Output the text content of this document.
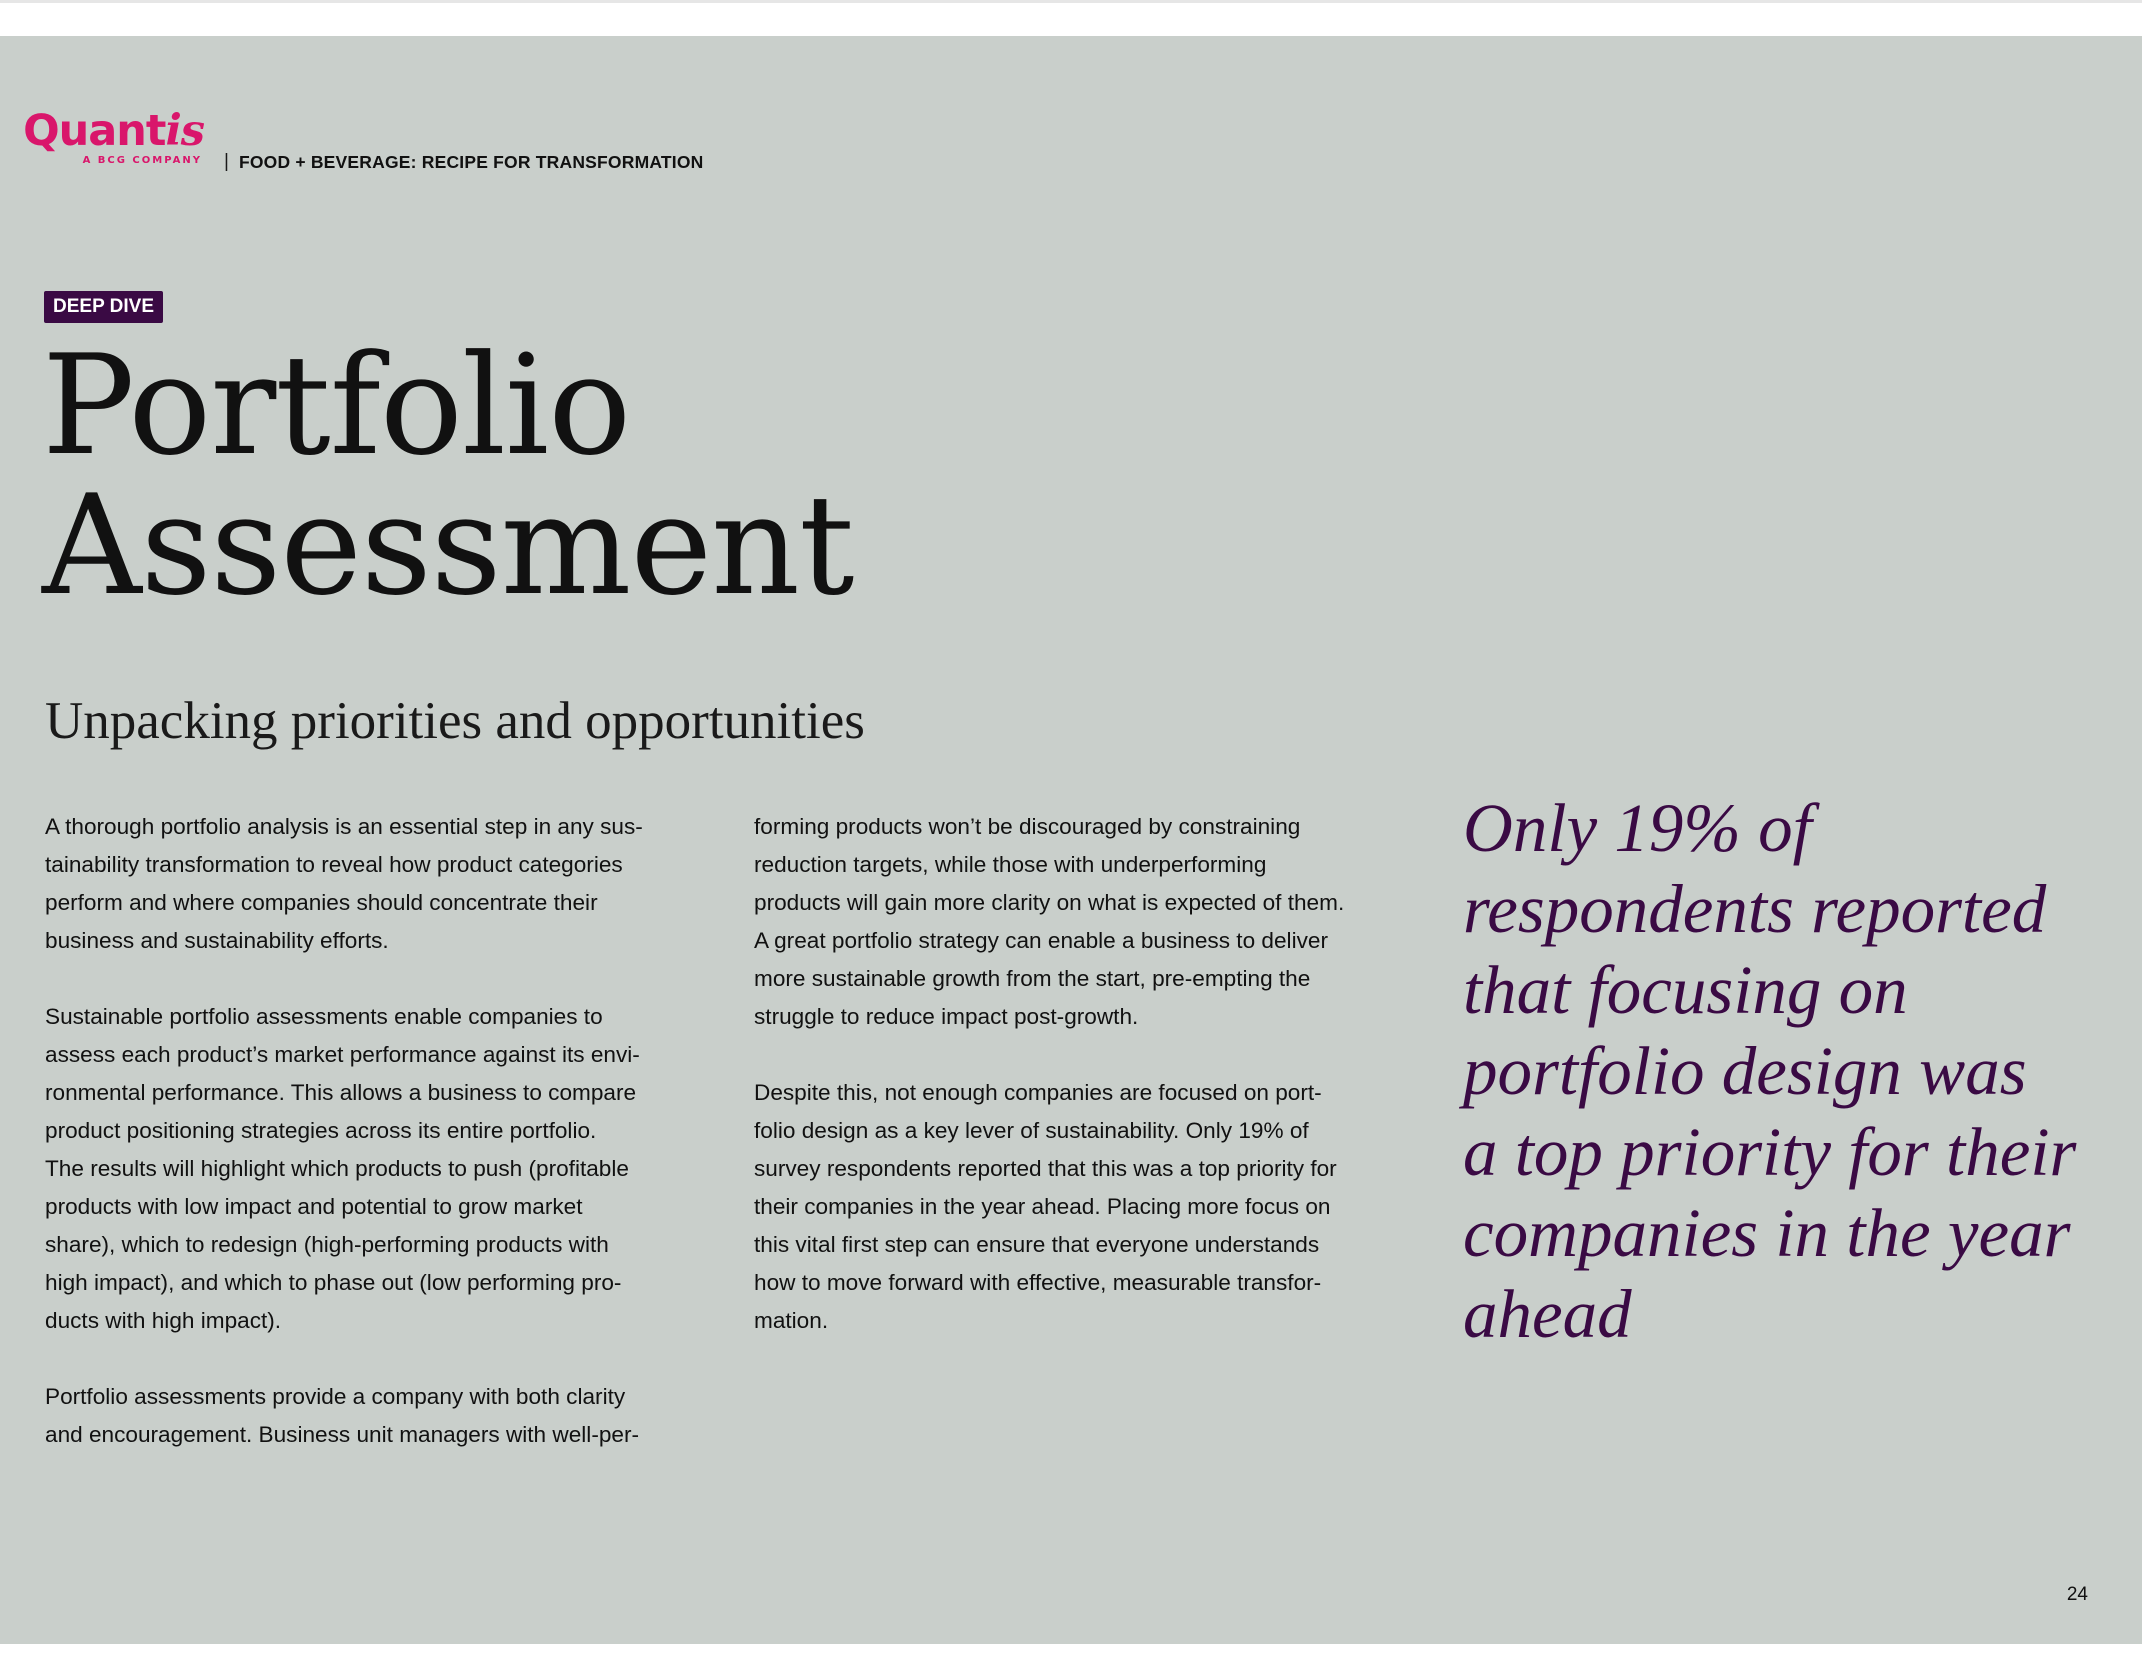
Quantis
A BCG COMPANY | FOOD + BEVERAGE: RECIPE FOR TRANSFORMATION
DEEP DIVE
Portfolio
Assessment
Unpacking priorities and opportunities

A thorough portfolio analysis is an essential step in any sus-
tainability transformation to reveal how product categories
perform and where companies should concentrate their
business and sustainability efforts.

Sustainable portfolio assessments enable companies to
assess each product’s market performance against its envi-
ronmental performance. This allows a business to compare
product positioning strategies across its entire portfolio.
The results will highlight which products to push (profitable
products with low impact and potential to grow market
share), which to redesign (high-performing products with
high impact), and which to phase out (low performing pro-
ducts with high impact).

Portfolio assessments provide a company with both clarity
and encouragement. Business unit managers with well-per-

forming products won’t be discouraged by constraining
reduction targets, while those with underperforming
products will gain more clarity on what is expected of them.
A great portfolio strategy can enable a business to deliver
more sustainable growth from the start, pre-empting the
struggle to reduce impact post-growth.

Despite this, not enough companies are focused on port-
folio design as a key lever of sustainability. Only 19% of
survey respondents reported that this was a top priority for
their companies in the year ahead. Placing more focus on
this vital first step can ensure that everyone understands
how to move forward with effective, measurable transfor-
mation.

Only 19% of
respondents reported
that focusing on
portfolio design was
a top priority for their
companies in the year
ahead
24
